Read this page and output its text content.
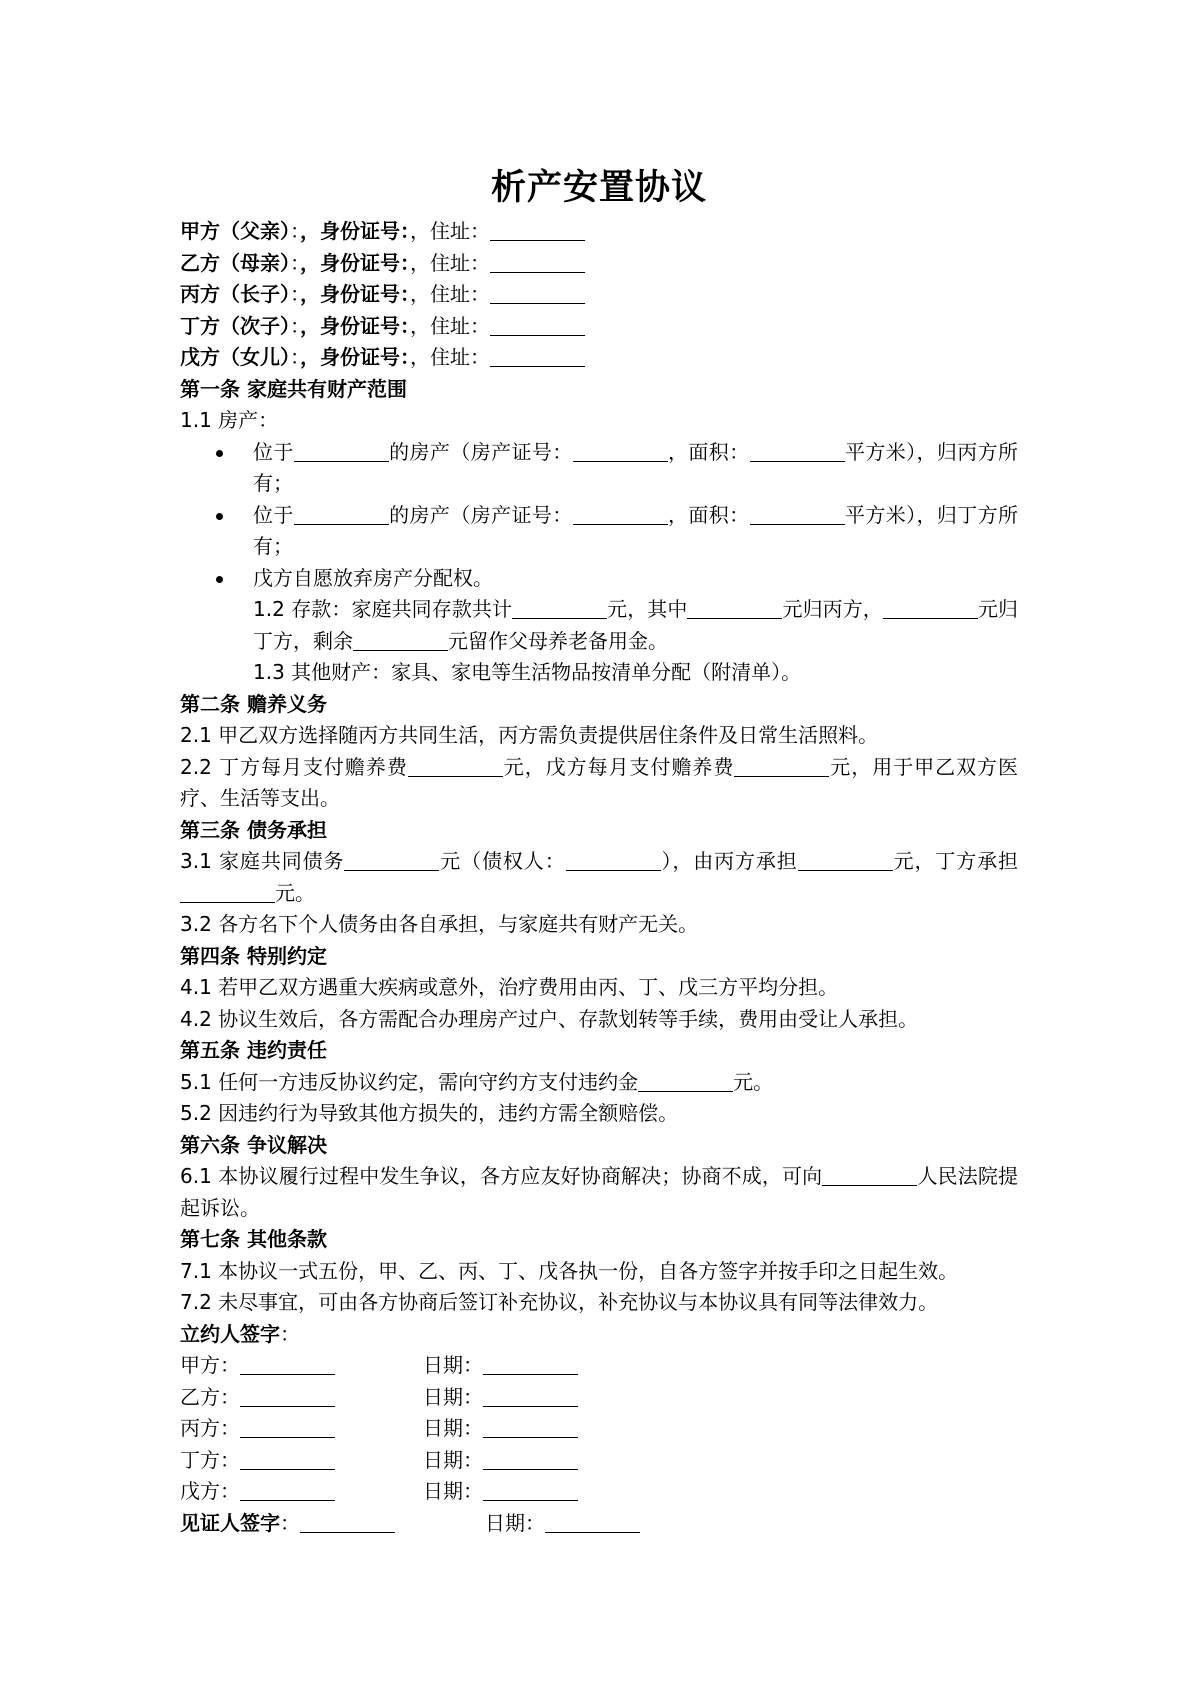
析产安置协议
甲方（父亲）：，身份证号：，住址：
乙方（母亲）：，身份证号：，住址：
丙方（长子）：，身份证号：，住址：
丁方（次子）：，身份证号：，住址：
戊方（女儿）：，身份证号：，住址：
第一条 家庭共有财产范围
1.1 房产：
位于	的房产（房产证号：	，面积：	平方米），归丙方所有；
位于	的房产（房产证号：	，面积：	平方米），归丁方所有；
戊方自愿放弃房产分配权。
1.2 存款：家庭共同存款共计	元，其中	元归丙方，	元归丁方，剩余	元留作父母养老备用金。
1.3 其他财产：家具、家电等生活物品按清单分配（附清单）。
第二条 赡养义务
2.1 甲乙双方选择随丙方共同生活，丙方需负责提供居住条件及日常生活照料。
2.2 丁方每月支付赡养费	元，戊方每月支付赡养费	元，用于甲乙双方医疗、生活等支出。
第三条 债务承担
3.1 家庭共同债务	元（债权人：	），由丙方承担	元，丁方承担元。
3.2 各方名下个人债务由各自承担，与家庭共有财产无关。
第四条 特别约定
4.1 若甲乙双方遇重大疾病或意外，治疗费用由丙、丁、戊三方平均分担。
4.2 协议生效后，各方需配合办理房产过户、存款划转等手续，费用由受让人承担。
第五条 违约责任
5.1 任何一方违反协议约定，需向守约方支付违约金	元。
5.2 因违约行为导致其他方损失的，违约方需全额赔偿。
第六条 争议解决
6.1 本协议履行过程中发生争议，各方应友好协商解决；协商不成，可向	人民法院提起诉讼。
第七条 其他条款
7.1 本协议一式五份，甲、乙、丙、丁、戊各执一份，自各方签字并按手印之日起生效。
7.2 未尽事宜，可由各方协商后签订补充协议，补充协议与本协议具有同等法律效力。
立约人签字：
甲方：	日期：
乙方：	日期：
丙方：	日期：
丁方：	日期：
戊方：	日期：
见证人签字：	日期：
